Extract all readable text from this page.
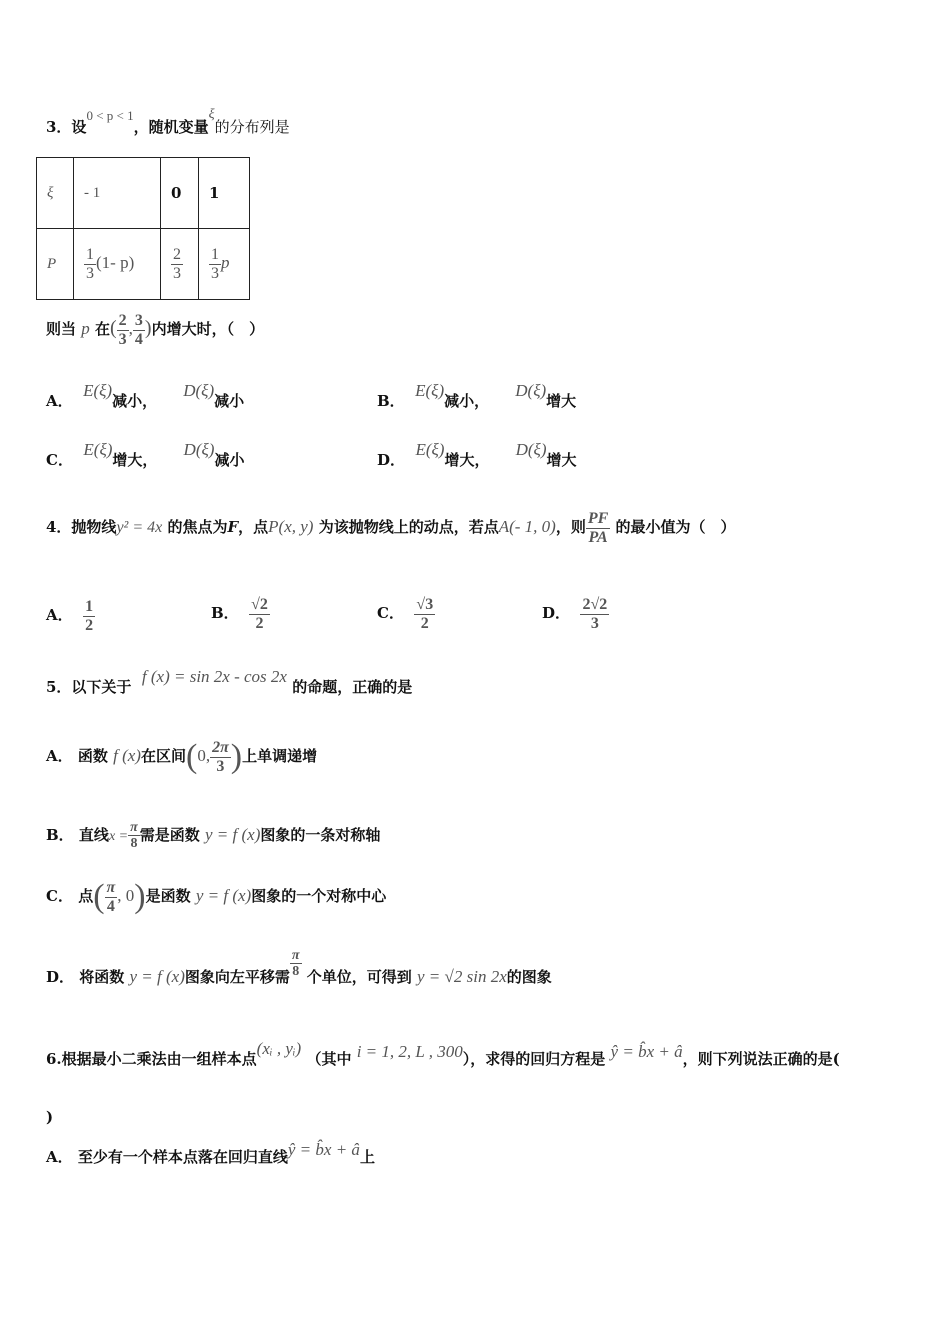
3．设0 < p < 1，随机变量ξ的分布列是
ξ	- 1	0	1
P	$\frac{1}{3} (1-$ p)	$\frac{2}{3}$	$\frac{1}{3}$ p
则当 p 在( $\frac{2}{3}$ , $\frac{3}{4}$ )内增大时，（　）
A．  E(ξ)减小，     D(ξ)减小	B．  E(ξ)减小，     D(ξ)增大
C．  E(ξ)增大，     D(ξ)减小	D．  E(ξ)增大，     D(ξ)增大
4．抛物线y² = 4x 的焦点为F，点P(x, y) 为该抛物线上的动点，若点A(- 1, 0)，则 $\frac{PF}{PA}$ 的最小值为（　）
A． $\frac{1}{2}$	B． $\frac{√2}{2}$	C． $\frac{√3}{2}$	D． $\frac{2√2}{3}$
5．以下关于  f (x) = sin 2x - cos 2x 的命题，正确的是
A． 函数 f (x)在区间(0, $\frac{2\pi}{3}$ )上单调递增
B． 直线$x = \frac{\pi}{8}$ 需是函数 y = f (x)图象的一条对称轴
C． 点( $\frac{\pi}{4}$ , 0)是函数 y = f (x)图象的一个对称中心
D． 将函数 y = f (x)图象向左平移需 $\frac{\pi}{8}$ 个单位，可得到 y = √2 sin 2x的图象
6.根据最小二乘法由一组样本点(xᵢ , yᵢ) （其中 i = 1, 2, L , 300），求得的回归方程是 ŷ = b̂x + â，则下列说法正确的是(
)
A． 至少有一个样本点落在回归直线ŷ = b̂x + â上
